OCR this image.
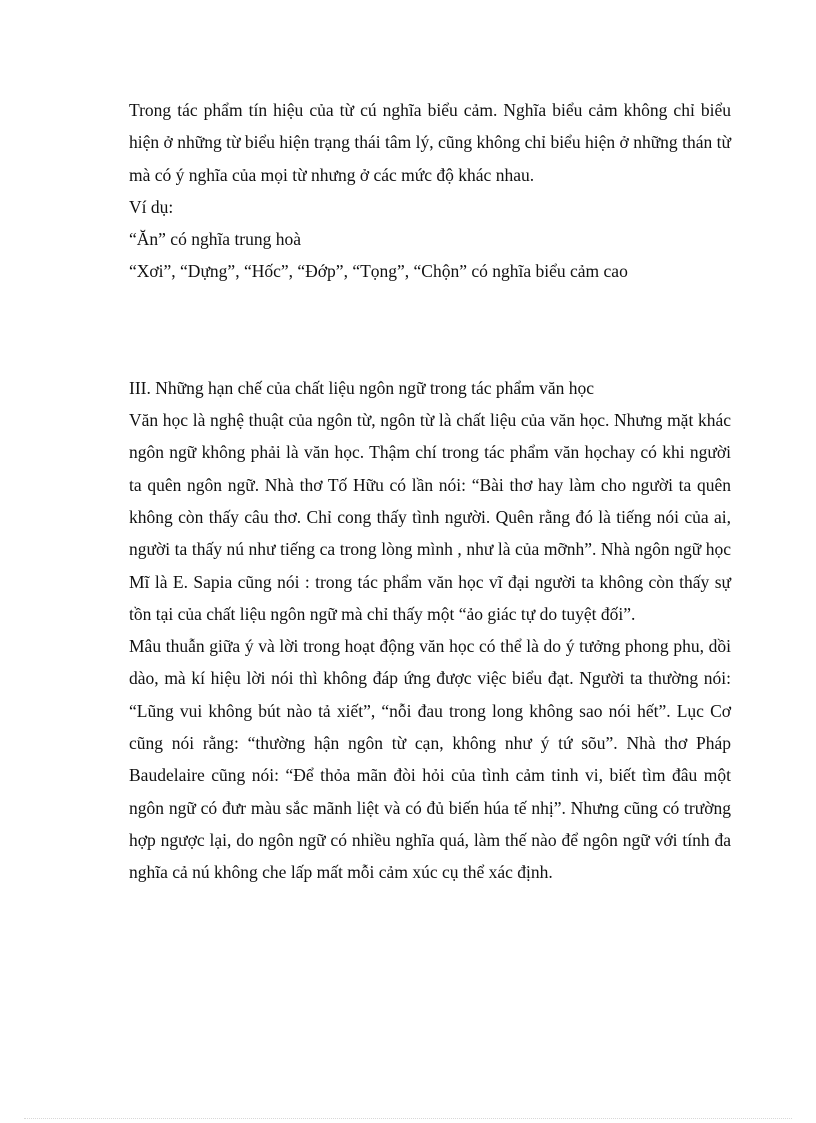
Trong tác phẩm tín hiệu của từ cú nghĩa biểu cảm. Nghĩa biểu cảm không chỉ biểu hiện ở những từ biểu hiện trạng thái tâm lý, cũng không chỉ biểu hiện ở những thán từ mà có ý nghĩa của mọi từ nhưng ở các mức độ khác nhau.

Ví dụ:

“Ăn” có nghĩa trung hoà

“Xơi”, “Dựng”, “Hốc”, “Đớp”, “Tọng”, “Chộn” có nghĩa biểu cảm cao

III. Những hạn chế của chất liệu ngôn ngữ trong tác phẩm văn học

Văn học là nghệ thuật của ngôn từ, ngôn từ là chất liệu của văn học. Nhưng mặt khác ngôn ngữ không phải là văn học. Thậm chí trong tác phẩm văn họchay có khi người ta quên ngôn ngữ. Nhà thơ Tố Hữu có lần nói: “Bài thơ hay làm cho người ta quên không còn thấy câu thơ. Chỉ cong thấy tình người. Quên rằng đó là tiếng nói của ai, người ta thấy nú như tiếng ca trong lòng mình , như là của mỡnh”. Nhà ngôn ngữ học Mĩ là E. Sapia cũng nói : trong tác phẩm văn học vĩ đại người ta không còn thấy sự tồn tại của chất liệu ngôn ngữ mà chỉ thấy một “ảo giác tự do tuyệt đối”.

Mâu thuẫn giữa ý và lời trong hoạt động văn học có thể là do ý tưởng phong phu, dồi dào, mà kí hiệu lời nói thì không đáp ứng được việc biểu đạt. Người ta thường nói: “Lũng vui không bút nào tả xiết”, “nỗi đau trong long không sao nói hết”. Lục Cơ cũng nói rằng: “thường hận ngôn từ cạn, không như ý tứ sõu”. Nhà thơ Pháp Baudelaire cũng nói: “Để thỏa mãn đòi hỏi của tình cảm tinh vi, biết tìm đâu một ngôn ngữ có đưr màu sắc mãnh liệt và có đủ biến húa tế nhị”. Nhưng cũng có trường hợp ngược lại, do ngôn ngữ có nhiều nghĩa quá, làm thế nào để ngôn ngữ với tính đa nghĩa cả nú không che lấp mất mỗi cảm xúc cụ thể xác định.
